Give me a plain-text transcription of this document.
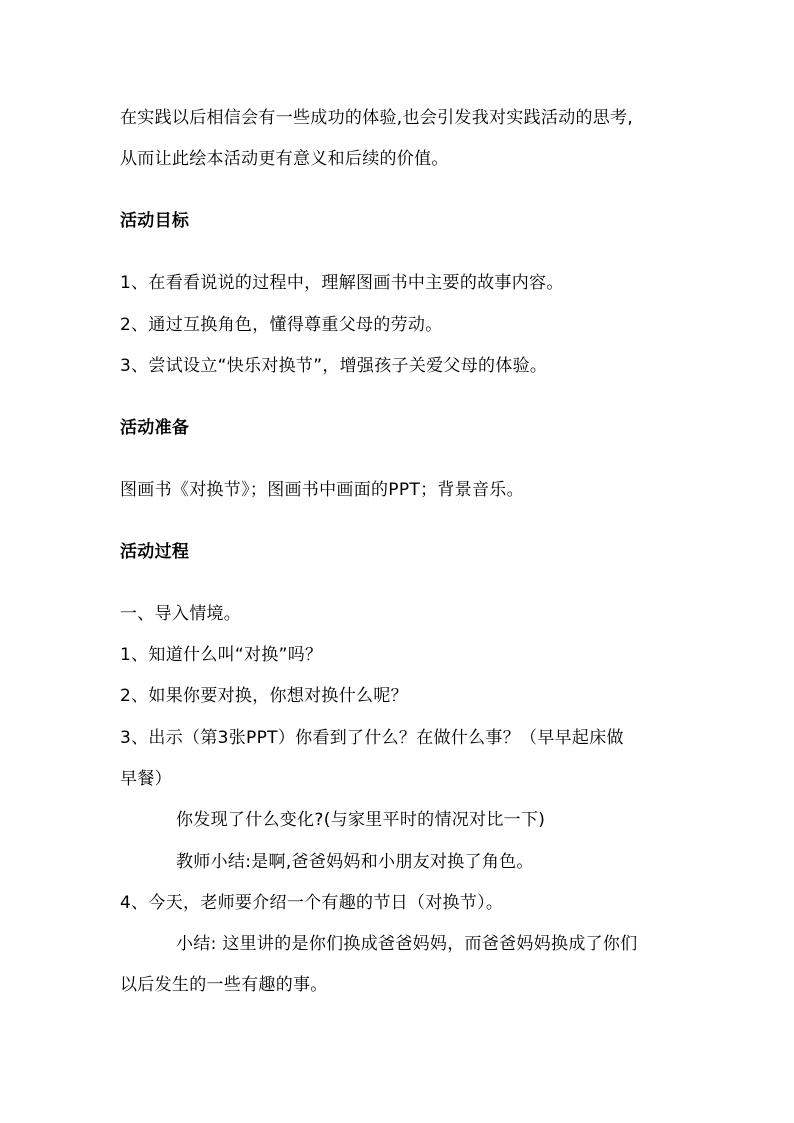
在实践以后相信会有一些成功的体验,也会引发我对实践活动的思考,
从而让此绘本活动更有意义和后续的价值。
活动目标
1、在看看说说的过程中，理解图画书中主要的故事内容。
2、通过互换角色，懂得尊重父母的劳动。
3、尝试设立“快乐对换节”，增强孩子关爱父母的体验。
活动准备
图画书《对换节》；图画书中画面的PPT；背景音乐。
活动过程
一、导入情境。
1、知道什么叫“对换”吗？
2、如果你要对换，你想对换什么呢？
3、出示（第3张PPT）你看到了什么？在做什么事？（早早起床做
早餐）
你发现了什么变化?(与家里平时的情况对比一下)
教师小结:是啊,爸爸妈妈和小朋友对换了角色。
4、今天，老师要介绍一个有趣的节日（对换节）。
小结: 这里讲的是你们换成爸爸妈妈，而爸爸妈妈换成了你们
以后发生的一些有趣的事。
